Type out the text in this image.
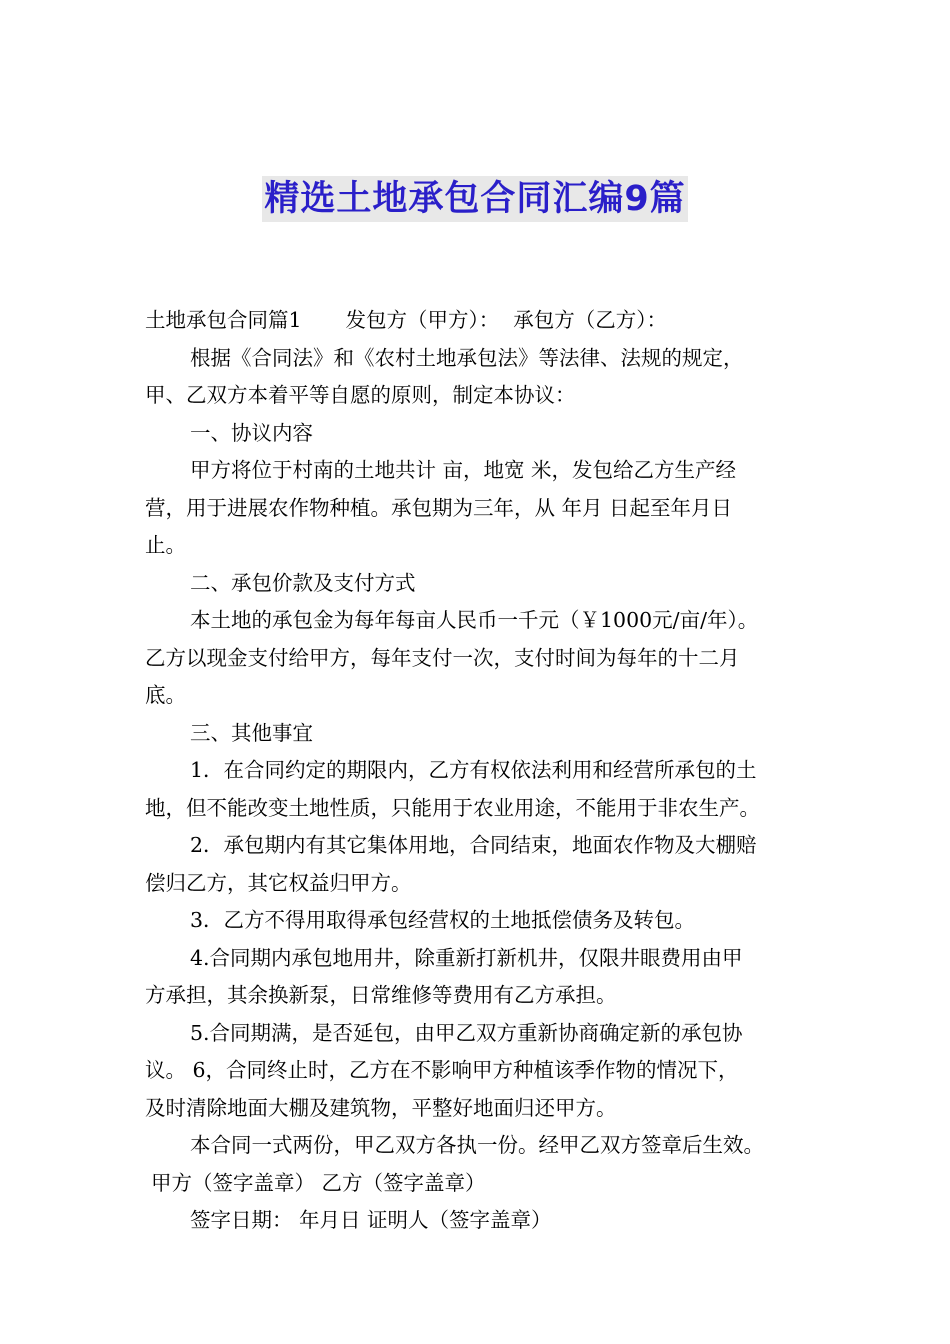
精选土地承包合同汇编9篇
土地承包合同篇1 发包方（甲方）： 承包方（乙方）：
根据《合同法》和《农村土地承包法》等法律、法规的规定，
甲、乙双方本着平等自愿的原则，制定本协议：
一、协议内容
甲方将位于村南的土地共计 亩，地宽 米，发包给乙方生产经
营，用于进展农作物种植。承包期为三年，从 年月 日起至年月日
止。
二、承包价款及支付方式
本土地的承包金为每年每亩人民币一千元（￥1000元/亩/年）。
乙方以现金支付给甲方，每年支付一次，支付时间为每年的十二月
底。
三、其他事宜
1．在合同约定的期限内，乙方有权依法利用和经营所承包的土
地，但不能改变土地性质，只能用于农业用途，不能用于非农生产。
2．承包期内有其它集体用地，合同结束，地面农作物及大棚赔
偿归乙方，其它权益归甲方。
3．乙方不得用取得承包经营权的土地抵偿债务及转包。
4.合同期内承包地用井，除重新打新机井，仅限井眼费用由甲
方承担，其余换新泵，日常维修等费用有乙方承担。
5.合同期满，是否延包，由甲乙双方重新协商确定新的承包协
议。 6，合同终止时，乙方在不影响甲方种植该季作物的情况下，
及时清除地面大棚及建筑物，平整好地面归还甲方。
本合同一式两份，甲乙双方各执一份。经甲乙双方签章后生效。
甲方（签字盖章） 乙方（签字盖章）
签字日期： 年月日 证明人（签字盖章）
